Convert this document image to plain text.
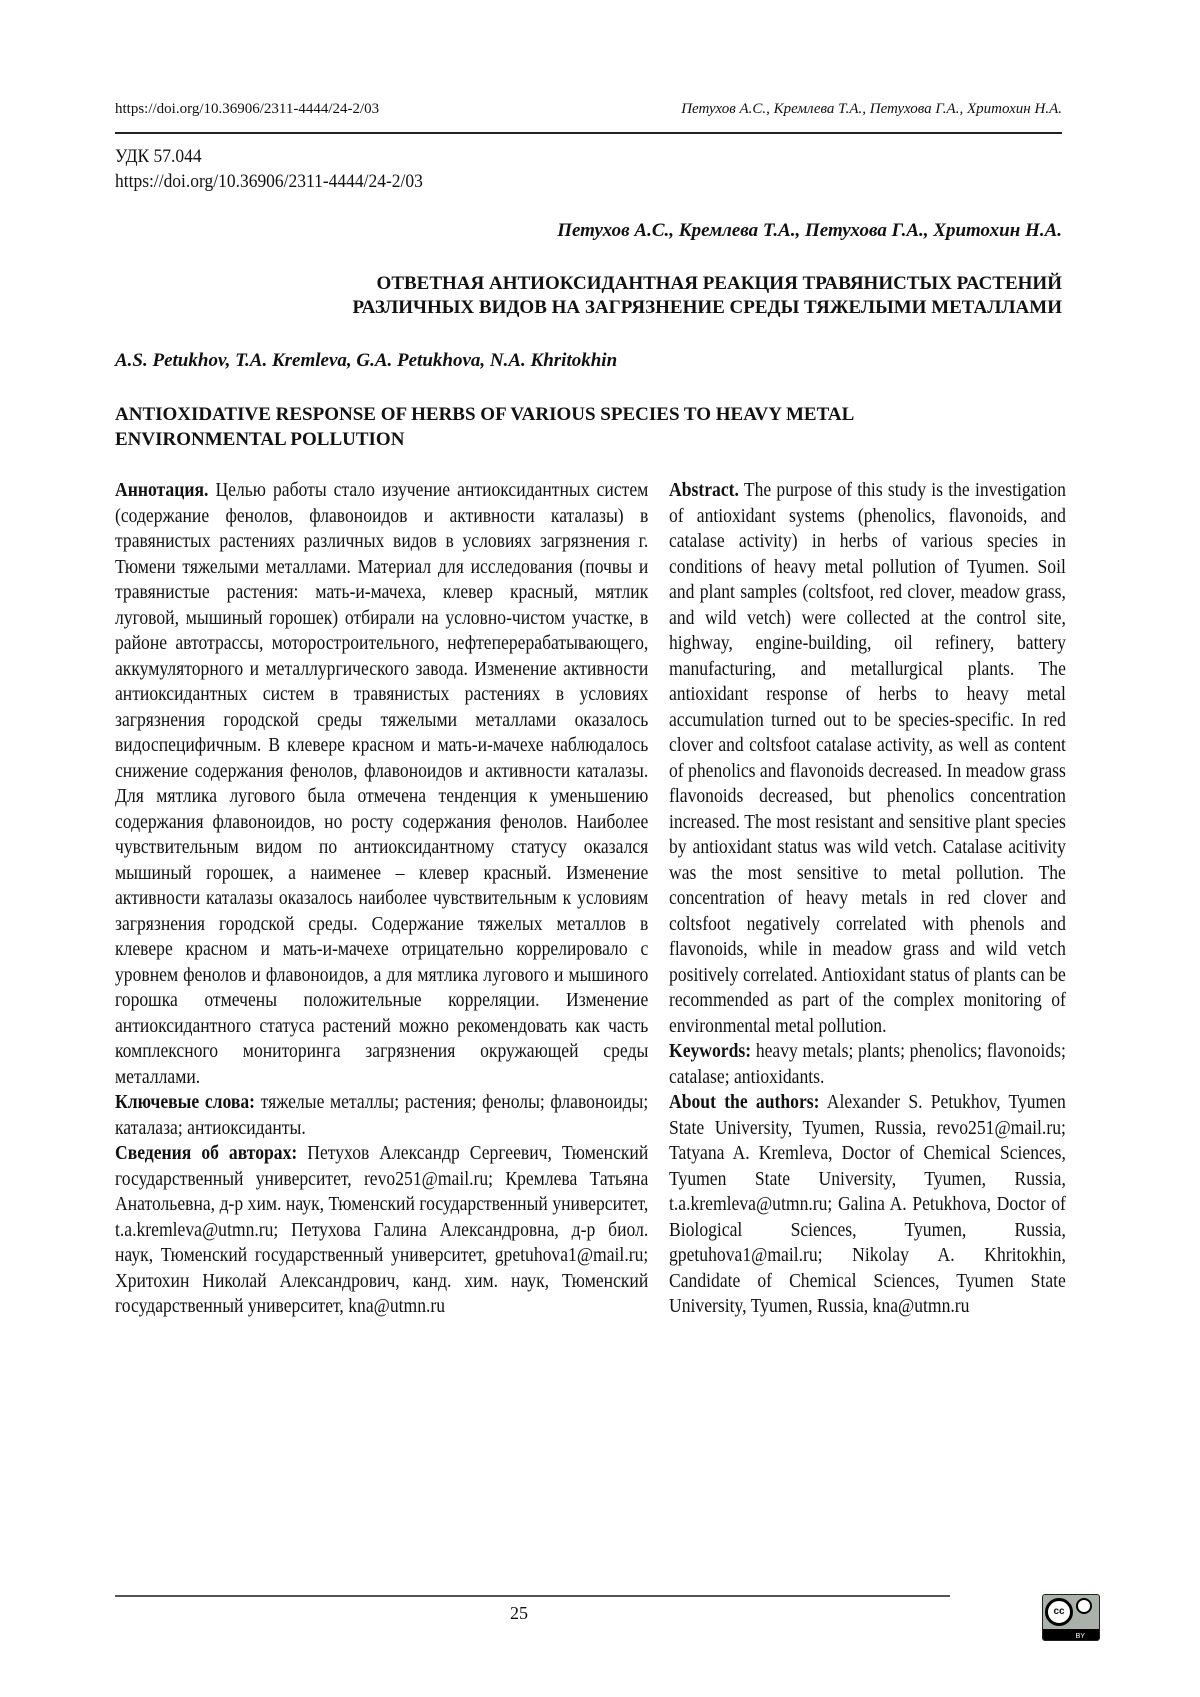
https://doi.org/10.36906/2311-4444/24-2/03	Петухов А.С., Кремлева Т.А., Петухова Г.А., Хритохин Н.А.
УДК 57.044
https://doi.org/10.36906/2311-4444/24-2/03
Петухов А.С., Кремлева Т.А., Петухова Г.А., Хритохин Н.А.
ОТВЕТНАЯ АНТИОКСИДАНТНАЯ РЕАКЦИЯ ТРАВЯНИСТЫХ РАСТЕНИЙ
РАЗЛИЧНЫХ ВИДОВ НА ЗАГРЯЗНЕНИЕ СРЕДЫ ТЯЖЕЛЫМИ МЕТАЛЛАМИ
A.S. Petukhov, T.A. Kremleva, G.A. Petukhova, N.A. Khritokhin
ANTIOXIDATIVE RESPONSE OF HERBS OF VARIOUS SPECIES TO HEAVY METAL
ENVIRONMENTAL POLLUTION

Аннотация. Целью работы стало изучение антиоксидантных систем (содержание фенолов, флавоноидов и активности каталазы) в травянистых растениях различных видов в условиях загрязнения г. Тюмени тяжелыми металлами. Материал для исследования (почвы и травянистые растения: мать-и-мачеха, клевер красный, мятлик луговой, мышиный горошек) отбирали на условно-чистом участке, в районе автотрассы, моторостроительного, нефтеперерабатывающего, аккумуляторного и металлургического завода. Изменение активности антиоксидантных систем в травянистых растениях в условиях загрязнения городской среды тяжелыми металлами оказалось видоспецифичным. В клевере красном и мать-и-мачехе наблюдалось снижение содержания фенолов, флавоноидов и активности каталазы. Для мятлика лугового была отмечена тенденция к уменьшению содержания флавоноидов, но росту содержания фенолов. Наиболее чувствительным видом по антиоксидантному статусу оказался мышиный горошек, а наименее – клевер красный. Изменение активности каталазы оказалось наиболее чувствительным к условиям загрязнения городской среды. Содержание тяжелых металлов в клевере красном и мать-и-мачехе отрицательно коррелировало с уровнем фенолов и флавоноидов, а для мятлика лугового и мышиного горошка отмечены положительные корреляции. Изменение антиоксидантного статуса растений можно рекомендовать как часть комплексного мониторинга загрязнения окружающей среды металлами.

Ключевые слова: тяжелые металлы; растения; фенолы; флавоноиды; каталаза; антиоксиданты.

Сведения об авторах: Петухов Александр Сергеевич, Тюменский государственный университет, revo251@mail.ru; Кремлева Татьяна Анатольевна, д-р хим. наук, Тюменский государственный университет, t.a.kremleva@utmn.ru; Петухова Галина Александровна, д-р биол. наук, Тюменский государственный университет, gpetuhova1@mail.ru; Хритохин Николай Александрович, канд. хим. наук, Тюменский государственный университет, kna@utmn.ru

Abstract. The purpose of this study is the investigation of antioxidant systems (phenolics, flavonoids, and catalase activity) in herbs of various species in conditions of heavy metal pollution of Tyumen. Soil and plant samples (coltsfoot, red clover, meadow grass, and wild vetch) were collected at the control site, highway, engine-building, oil refinery, battery manufacturing, and metallurgical plants. The antioxidant response of herbs to heavy metal accumulation turned out to be species-specific. In red clover and coltsfoot catalase activity, as well as content of phenolics and flavonoids decreased. In meadow grass flavonoids decreased, but phenolics concentration increased. The most resistant and sensitive plant species by antioxidant status was wild vetch. Catalase acitivity was the most sensitive to metal pollution. The concentration of heavy metals in red clover and coltsfoot negatively correlated with phenols and flavonoids, while in meadow grass and wild vetch positively correlated. Antioxidant status of plants can be recommended as part of the complex monitoring of environmental metal pollution.

Keywords: heavy metals; plants; phenolics; flavonoids; catalase; antioxidants.

About the authors: Alexander S. Petukhov, Tyumen State University, Tyumen, Russia, revo251@mail.ru; Tatyana A. Kremleva, Doctor of Chemical Sciences, Tyumen State University, Tyumen, Russia, t.a.kremleva@utmn.ru; Galina A. Petukhova, Doctor of Biological Sciences, Tyumen, Russia, gpetuhova1@mail.ru; Nikolay A. Khritokhin, Candidate of Chemical Sciences, Tyumen State University, Tyumen, Russia, kna@utmn.ru

25	cc
BY
